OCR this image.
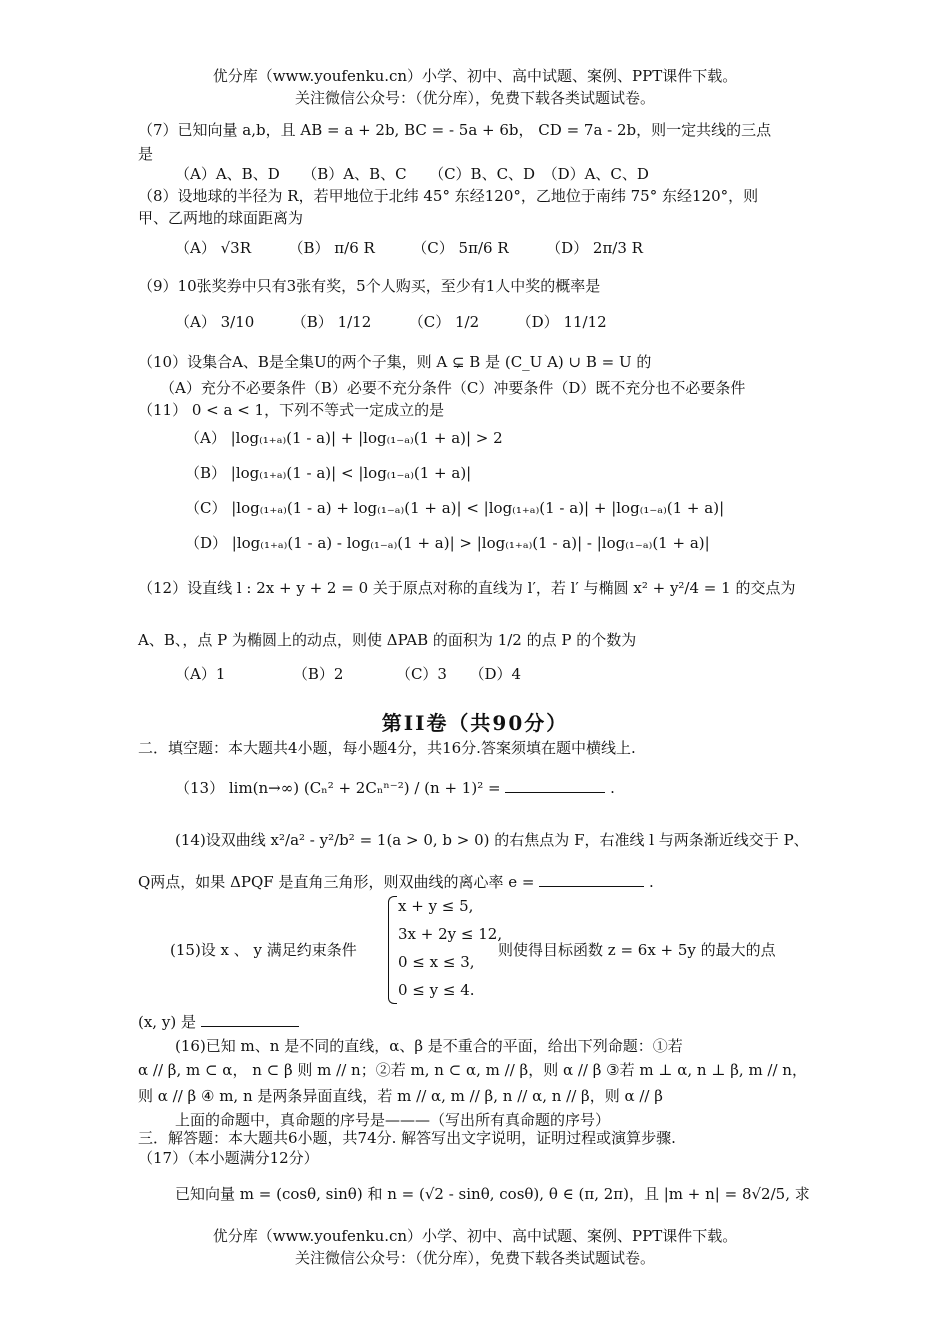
优分库（www.youfenku.cn）小学、初中、高中试题、案例、PPT课件下载。
关注微信公众号：（优分库），免费下载各类试题试卷。
（7）已知向量 a,b，且 AB = a + 2b, BC = - 5a + 6b， CD = 7a - 2b，则一定共线的三点
是
（A）A、B、D　　（B）A、B、C　　（C）B、C、D　（D）A、C、D
（8）设地球的半径为 R，若甲地位于北纬 45° 东经120°，乙地位于南纬 75° 东经120°，则
甲、乙两地的球面距离为
（A） √3R　　　（B） π/6 R　　　（C） 5π/6 R　　　（D） 2π/3 R
（9）10张奖券中只有3张有奖，5个人购买，至少有1人中奖的概率是
（A） 3/10　　　（B） 1/12　　　（C） 1/2　　　（D） 11/12
（10）设集合A、B是全集U的两个子集，则 A ⊊ B 是 (C_U A) ∪ B = U 的
（A）充分不必要条件（B）必要不充分条件（C）冲要条件（D）既不充分也不必要条件
（11） 0 < a < 1，下列不等式一定成立的是
（A） |log₍₁₊ₐ₎(1 - a)| + |log₍₁₋ₐ₎(1 + a)| > 2
（B） |log₍₁₊ₐ₎(1 - a)| < |log₍₁₋ₐ₎(1 + a)|
（C） |log₍₁₊ₐ₎(1 - a) + log₍₁₋ₐ₎(1 + a)| < |log₍₁₊ₐ₎(1 - a)| + |log₍₁₋ₐ₎(1 + a)|
（D） |log₍₁₊ₐ₎(1 - a) - log₍₁₋ₐ₎(1 + a)| > |log₍₁₊ₐ₎(1 - a)| - |log₍₁₋ₐ₎(1 + a)|
（12）设直线 l : 2x + y + 2 = 0 关于原点对称的直线为 l′，若 l′ 与椭圆 x² + y²/4 = 1 的交点为
A、B、，点 P 为椭圆上的动点，则使 ΔPAB 的面积为 1/2 的点 P 的个数为
（A）1　　　　　（B）2　　　　（C）3　　（D）4
第II卷（共90分）
二．填空题：本大题共4小题，每小题4分，共16分.答案须填在题中横线上.
（13） lim(n→∞) (Cₙ² + 2Cₙⁿ⁻²) / (n + 1)² =	.
(14)设双曲线 x²/a² - y²/b² = 1(a > 0, b > 0) 的右焦点为 F，右准线 l 与两条渐近线交于 P、
Q两点，如果 ΔPQF 是直角三角形，则双曲线的离心率 e =	.
(15)设 x 、 y 满足约束条件
x + y ≤ 5,
3x + 2y ≤ 12,
0 ≤ x ≤ 3,
0 ≤ y ≤ 4.
则使得目标函数 z = 6x + 5y 的最大的点
(x, y) 是
(16)已知 m、n 是不同的直线，α、β 是不重合的平面，给出下列命题：①若
α // β, m ⊂ α， n ⊂ β 则 m // n；②若 m, n ⊂ α, m // β，则 α // β ③若 m ⊥ α, n ⊥ β, m // n，
则 α // β ④ m, n 是两条异面直线，若 m // α, m // β, n // α, n // β，则 α // β
上面的命题中，真命题的序号是———（写出所有真命题的序号）
三．解答题：本大题共6小题，共74分. 解答写出文字说明，证明过程或演算步骤.
（17）（本小题满分12分）
已知向量 m = (cosθ, sinθ) 和 n = (√2 - sinθ, cosθ), θ ∈ (π, 2π)，且 |m + n| = 8√2/5, 求
优分库（www.youfenku.cn）小学、初中、高中试题、案例、PPT课件下载。
关注微信公众号：（优分库），免费下载各类试题试卷。
